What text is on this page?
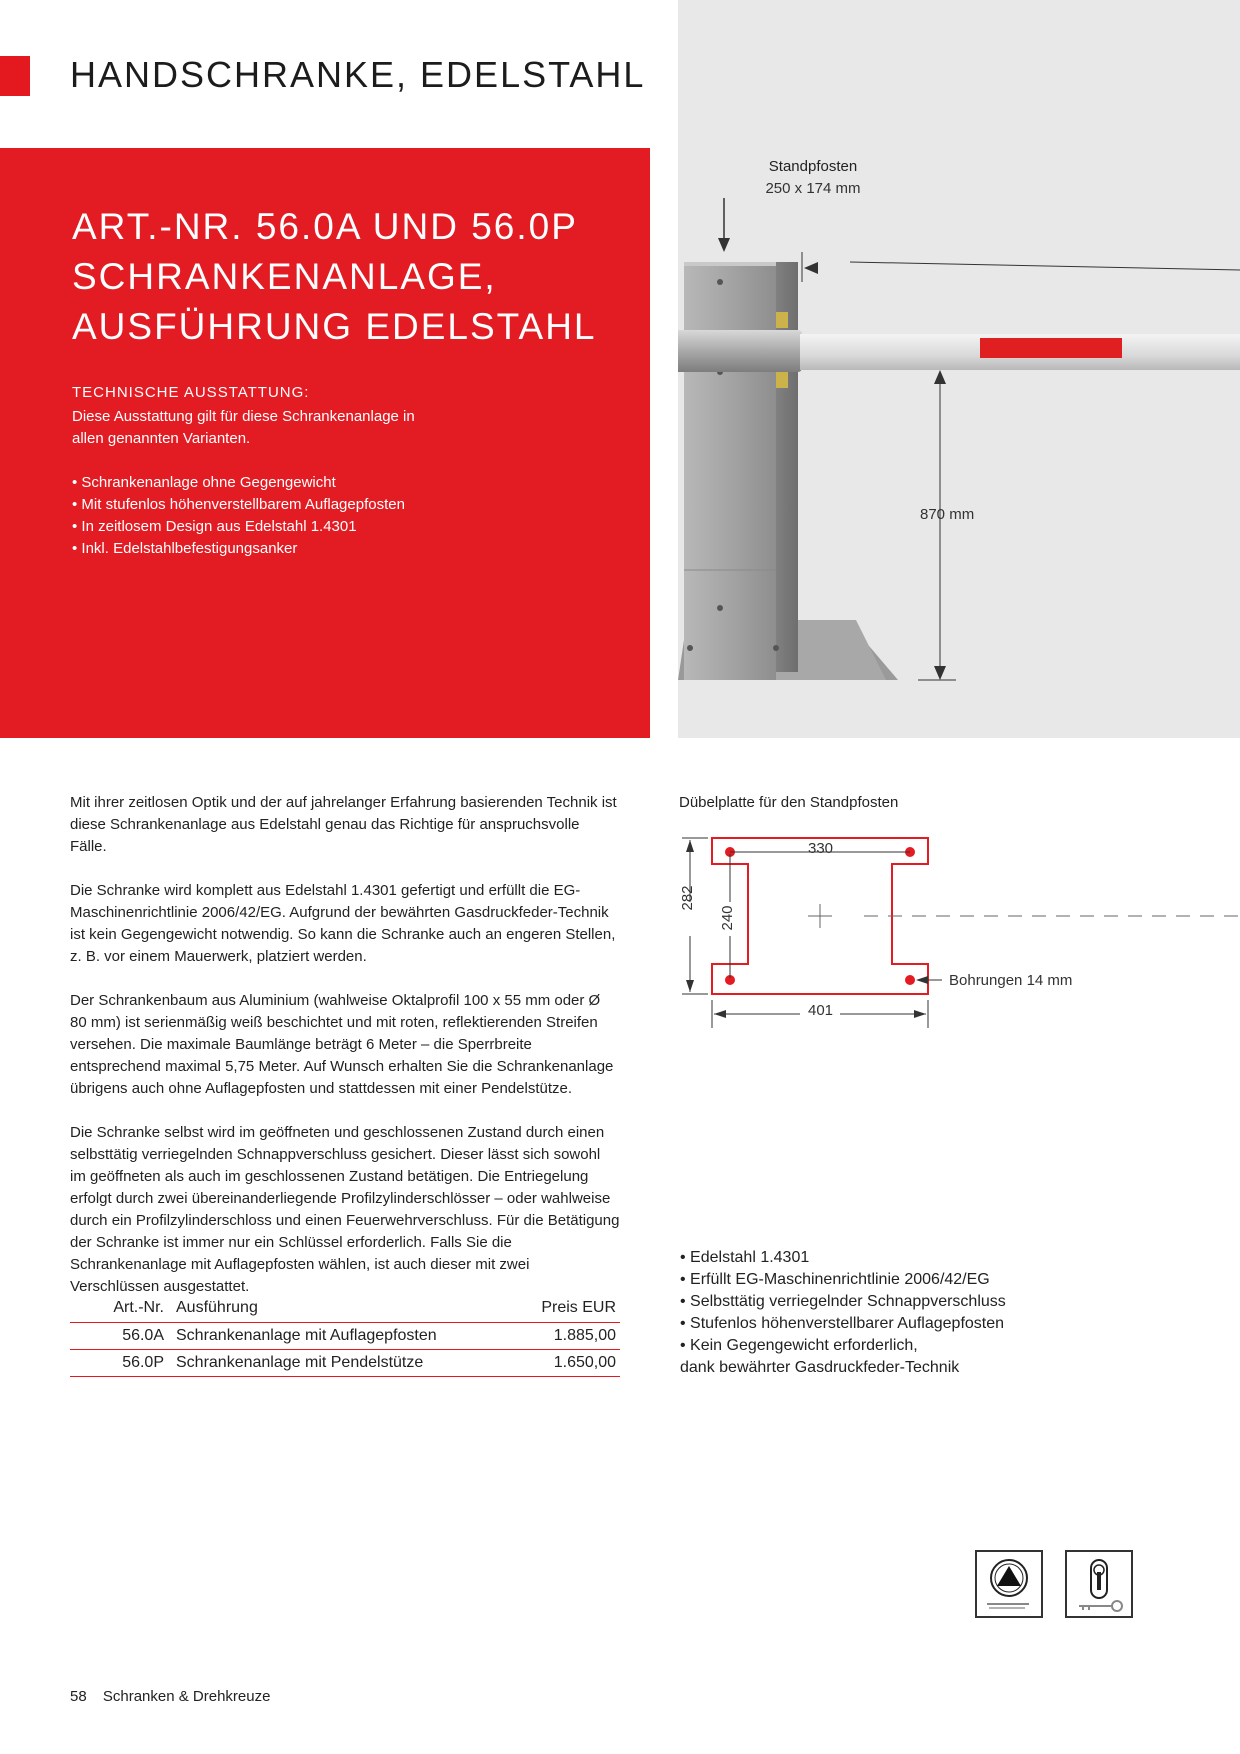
HANDSCHRANKE, EDELSTAHL
Standpfosten
250 x 174 mm
870 mm
ART.-NR. 56.0A UND 56.0P
SCHRANKENANLAGE,
AUSFÜHRUNG EDELSTAHL
TECHNISCHE AUSSTATTUNG:
Diese Ausstattung gilt für diese Schrankenanlage in allen genannten Varianten.
• Schrankenanlage ohne Gegengewicht
• Mit stufenlos höhenverstellbarem Auflagepfosten
• In zeitlosem Design aus Edelstahl 1.4301
• Inkl. Edelstahlbefestigungsanker

Mit ihrer zeitlosen Optik und der auf jahrelanger Erfahrung basierenden Technik ist diese Schrankenanlage aus Edelstahl genau das Richtige für anspruchsvolle Fälle.

Die Schranke wird komplett aus Edelstahl 1.4301 gefertigt und erfüllt die EG-Maschinenrichtlinie 2006/42/EG. Aufgrund der bewährten Gasdruckfeder-Technik ist kein Gegengewicht notwendig. So kann die Schranke auch an engeren Stellen, z. B. vor einem Mauerwerk, platziert werden.

Der Schrankenbaum aus Aluminium (wahlweise Oktalprofil 100 x 55 mm oder Ø 80 mm) ist serienmäßig weiß beschichtet und mit roten, reflektierenden Streifen versehen. Die maximale Baumlänge beträgt 6 Meter – die Sperrbreite entsprechend maximal 5,75 Meter. Auf Wunsch erhalten Sie die Schrankenanlage übrigens auch ohne Auflagepfosten und stattdessen mit einer Pendelstütze.

Die Schranke selbst wird im geöffneten und geschlossenen Zustand durch einen selbsttätig verriegelnden Schnappverschluss gesichert. Dieser lässt sich sowohl im geöffneten als auch im geschlossenen Zustand betätigen. Die Entriegelung erfolgt durch zwei übereinanderliegende Profilzylinderschlösser – oder wahlweise durch ein Profilzylinderschloss und einen Feuerwehrverschluss. Für die Betätigung der Schranke ist immer nur ein Schlüssel erforderlich. Falls Sie die Schrankenanlage mit Auflagepfosten wählen, ist auch dieser mit zwei Verschlüssen ausgestattet.

Art.-Nr.	Ausführung	Preis EUR
56.0A	Schrankenanlage mit Auflagepfosten	1.885,00
56.0P	Schrankenanlage mit Pendelstütze	1.650,00
Dübelplatte für den Standpfosten
330
401
282
240
Bohrungen 14 mm
• Edelstahl 1.4301
• Erfüllt EG-Maschinenrichtlinie 2006/42/EG
• Selbsttätig verriegelnder Schnappverschluss
• Stufenlos höhenverstellbarer Auflagepfosten
• Kein Gegengewicht erforderlich,
dank bewährter Gasdruckfeder-Technik
58 Schranken & Drehkreuze
